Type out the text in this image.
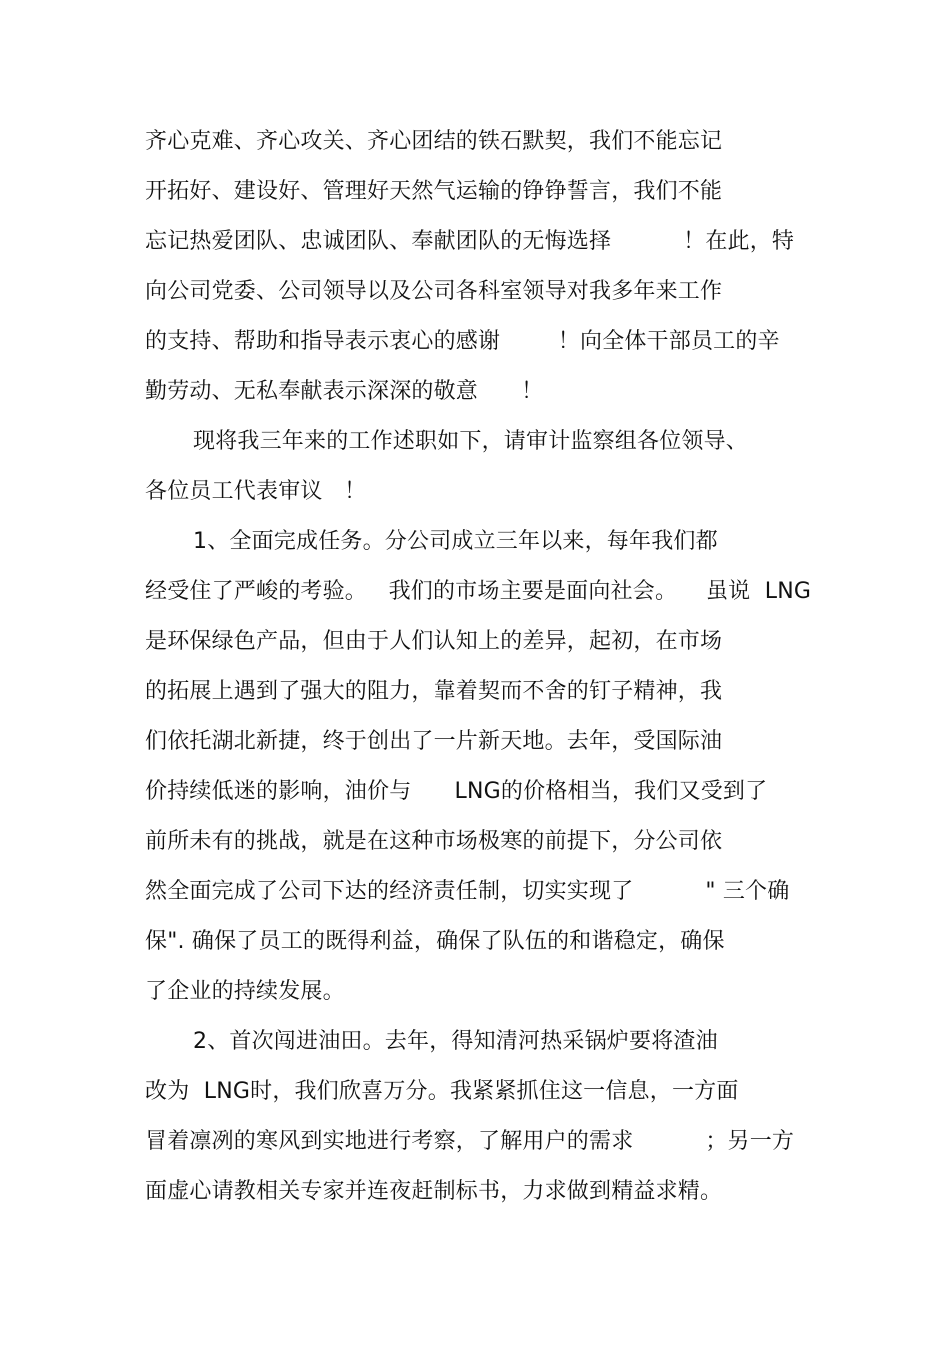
齐心克难、齐心攻关、齐心团结的铁石默契，我们不能忘记
开拓好、建设好、管理好天然气运输的铮铮誓言，我们不能
忘记热爱团队、忠诚团队、奉献团队的无悔选择          ！在此，特
向公司党委、公司领导以及公司各科室领导对我多年来工作
的支持、帮助和指导表示衷心的感谢        ！向全体干部员工的辛
勤劳动、无私奉献表示深深的敬意      ！
现将我三年来的工作述职如下，请审计监察组各位领导、
各位员工代表审议   ！
1、全面完成任务。分公司成立三年以来，每年我们都
经受住了严峻的考验。   我们的市场主要是面向社会。    虽说  LNG
是环保绿色产品，但由于人们认知上的差异，起初，在市场
的拓展上遇到了强大的阻力，靠着契而不舍的钉子精神，我
们依托湖北新捷，终于创出了一片新天地。去年，受国际油
价持续低迷的影响，油价与      LNG的价格相当，我们又受到了
前所未有的挑战，就是在这种市场极寒的前提下，分公司依
然全面完成了公司下达的经济责任制，切实实现了          " 三个确
保". 确保了员工的既得利益，确保了队伍的和谐稳定，确保
了企业的持续发展。
2、首次闯进油田。去年，得知清河热采锅炉要将渣油
改为  LNG时，我们欣喜万分。我紧紧抓住这一信息，一方面
冒着凛冽的寒风到实地进行考察，了解用户的需求          ；另一方
面虚心请教相关专家并连夜赶制标书，力求做到精益求精。
